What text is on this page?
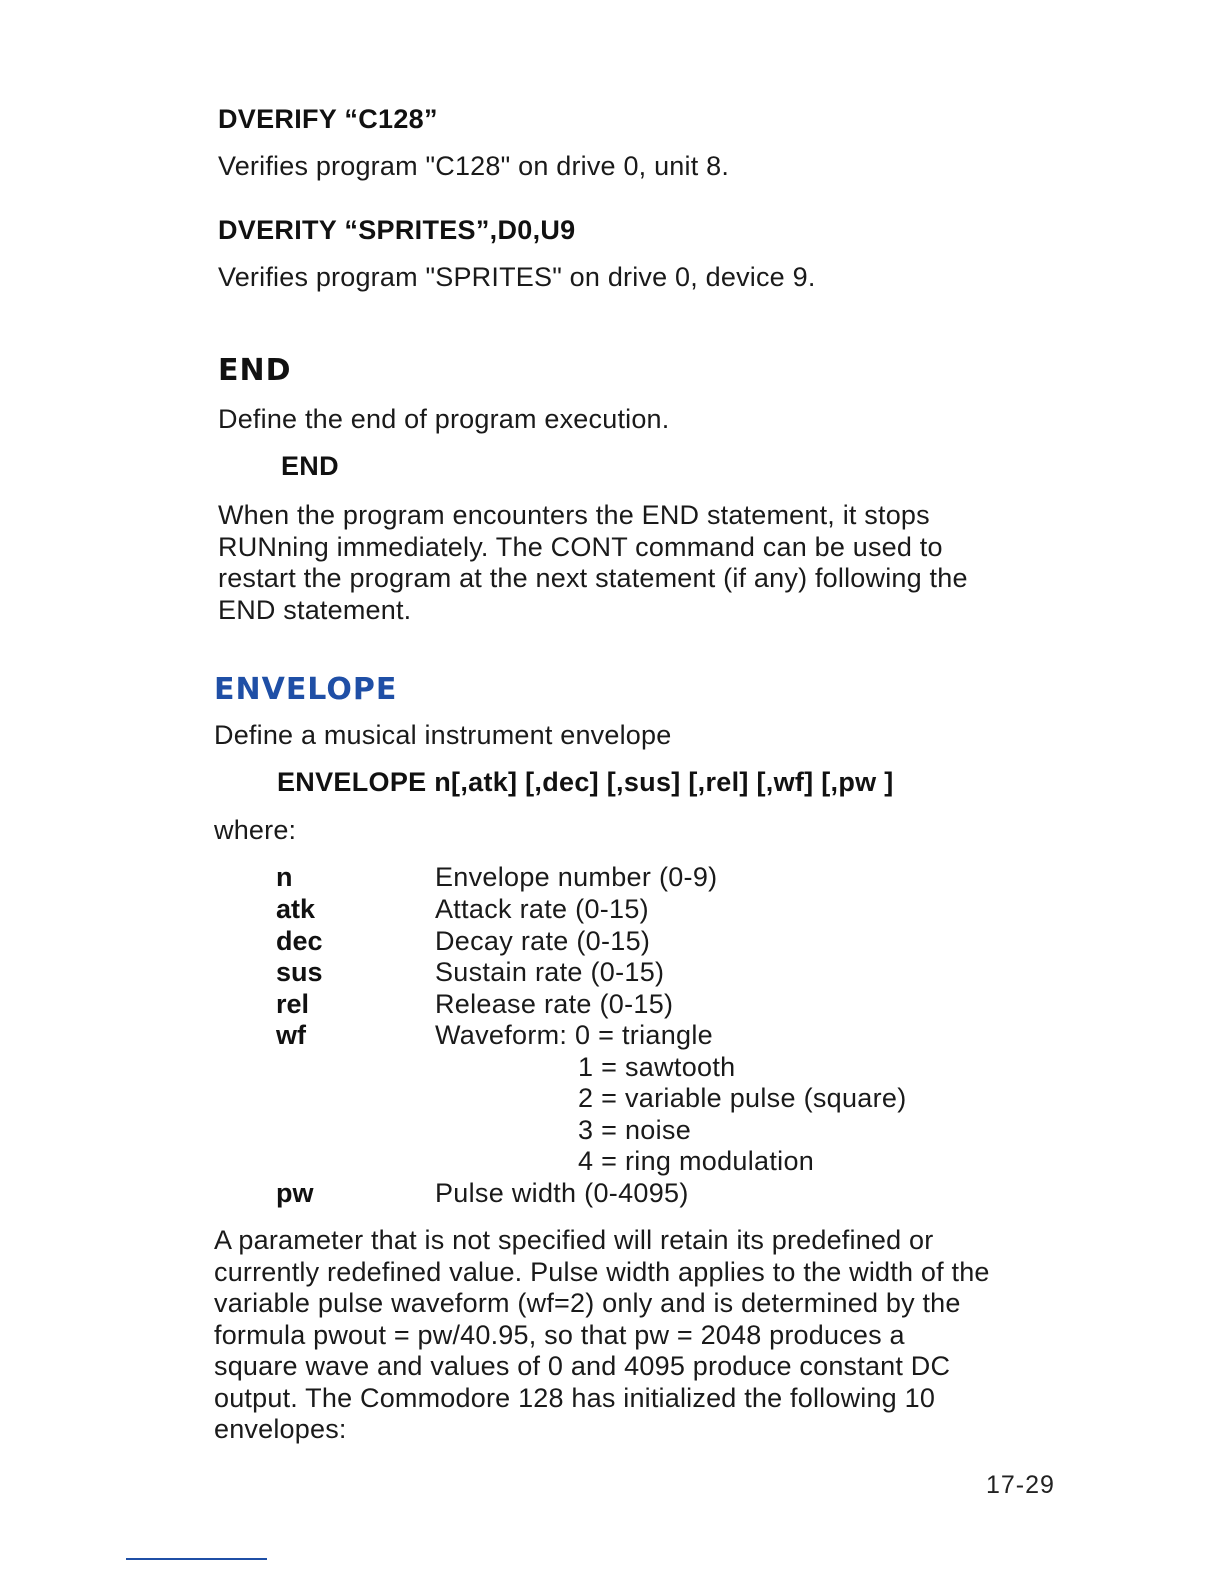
DVERIFY “C128”
Verifies program "C128" on drive 0, unit 8.
DVERITY “SPRITES”,D0,U9
Verifies program "SPRITES" on drive 0, device 9.
END
Define the end of program execution.
END
When the program encounters the END statement, it stops
RUNning immediately. The CONT command can be used to
restart the program at the next statement (if any) following the
END statement.
ENVELOPE
Define a musical instrument envelope
ENVELOPE n[,atk] [,dec] [,sus] [,rel] [,wf] [,pw ]
where:
n	Envelope number (0-9)
atk	Attack rate (0-15)
dec	Decay rate (0-15)
sus	Sustain rate (0-15)
rel	Release rate (0-15)
wf	Waveform: 0 = triangle
1 = sawtooth
2 = variable pulse (square)
3 = noise
4 = ring modulation
pw	Pulse width (0-4095)
A parameter that is not specified will retain its predefined or
currently redefined value. Pulse width applies to the width of the
variable pulse waveform (wf=2) only and is determined by the
formula pwout = pw/40.95, so that pw = 2048 produces a
square wave and values of 0 and 4095 produce constant DC
output. The Commodore 128 has initialized the following 10
envelopes:
17-29
